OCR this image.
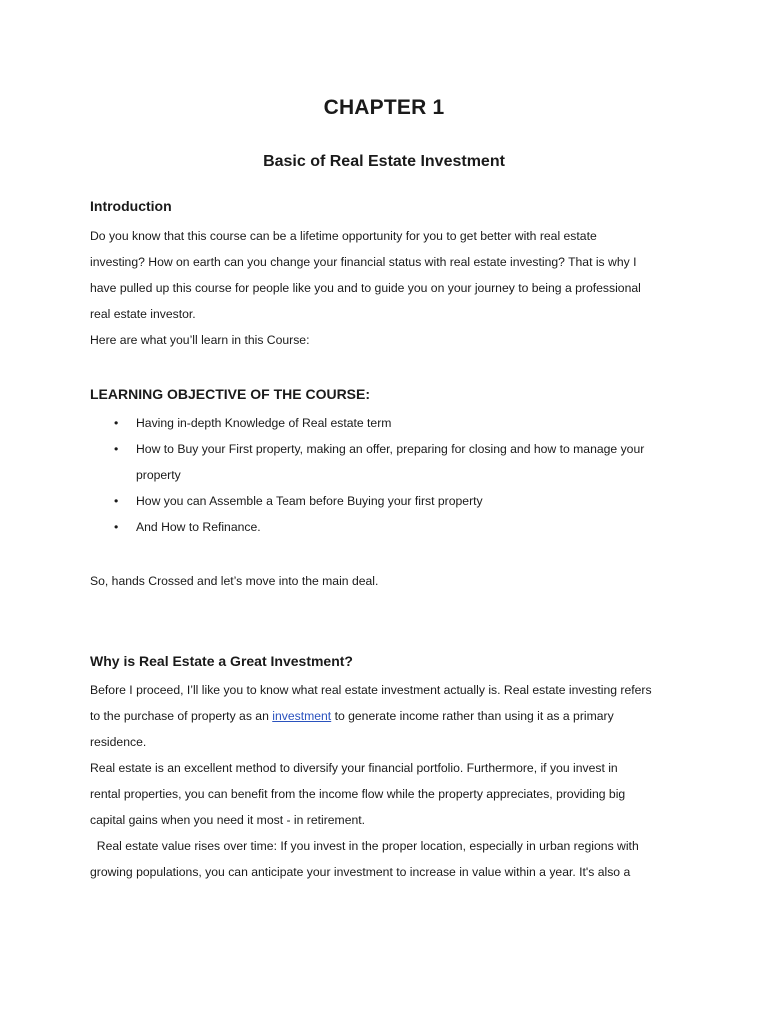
CHAPTER 1
Basic of Real Estate Investment
Introduction
Do you know that this course can be a lifetime opportunity for you to get better with real estate
investing? How on earth can you change your financial status with real estate investing? That is why I
have pulled up this course for people like you and to guide you on your journey to being a professional
real estate investor.
Here are what you’ll learn in this Course:
LEARNING OBJECTIVE OF THE COURSE:
• Having in-depth Knowledge of Real estate term
• How to Buy your First property, making an offer, preparing for closing and how to manage your
property
• How you can Assemble a Team before Buying your first property
• And How to Refinance.
So, hands Crossed and let’s move into the main deal.
Why is Real Estate a Great Investment?
Before I proceed, I’ll like you to know what real estate investment actually is. Real estate investing refers
to the purchase of property as an investment to generate income rather than using it as a primary
residence.
Real estate is an excellent method to diversify your financial portfolio. Furthermore, if you invest in
rental properties, you can benefit from the income flow while the property appreciates, providing big
capital gains when you need it most - in retirement.
Real estate value rises over time: If you invest in the proper location, especially in urban regions with
growing populations, you can anticipate your investment to increase in value within a year. It's also a
